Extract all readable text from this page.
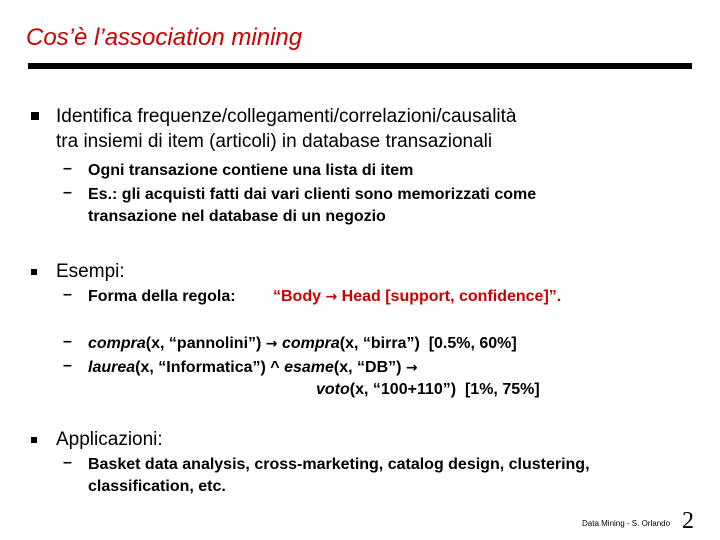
Cos’è l’association mining
Identifica frequenze/collegamenti/correlazioni/causalità
tra insiemi di item (articoli) in database transazionali
– Ogni transazione contiene una lista di item
– Es.: gli acquisti fatti dai vari clienti sono memorizzati come
transazione nel database di un negozio
Esempi:
– Forma della regola: “Body → Head [support, confidence]”.
– compra(x, “pannolini”) → compra(x, “birra”) [0.5%, 60%]
– laurea(x, “Informatica”) ^ esame(x, “DB”) →
voto(x, “100+110”) [1%, 75%]
Applicazioni:
– Basket data analysis, cross-marketing, catalog design, clustering,
classification, etc.
Data Mining - S. Orlando 2
